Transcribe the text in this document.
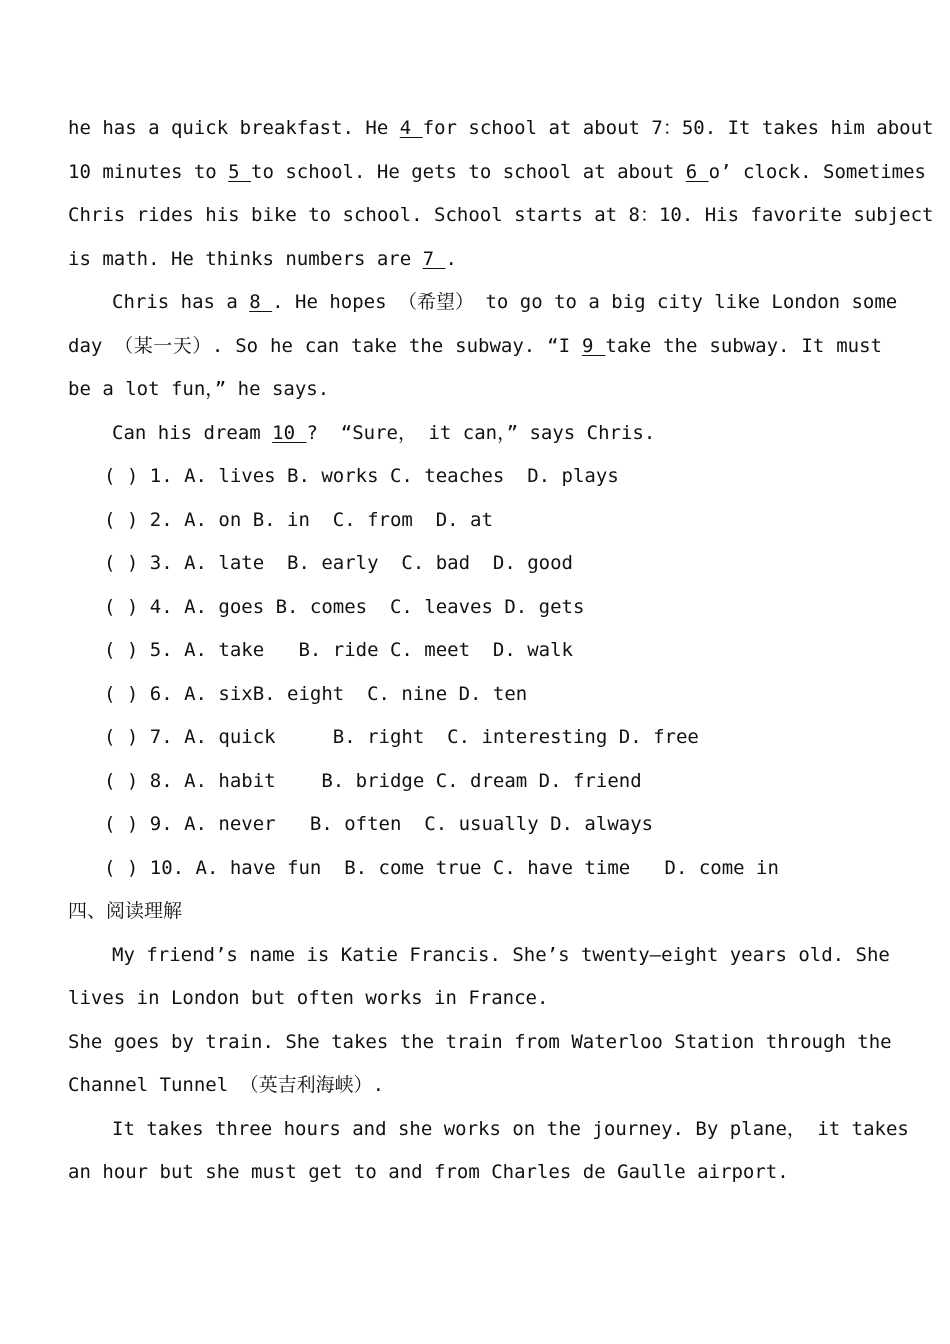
he has a quick breakfast. He 4 for school at about 7：50. It takes him about
10 minutes to 5 to school. He gets to school at about 6 o’ clock. Sometimes
Chris rides his bike to school. School starts at 8：10. His favorite subject
is math. He thinks numbers are 7 .
Chris has a 8 . He hopes （希望） to go to a big city like London some
day （某一天）. So he can take the subway. “I 9 take the subway. It must
be a lot fun，” he says.
Can his dream 10 ?  “Sure， it can，” says Chris.
( ) 1. A. lives B. works C. teaches  D. plays
( ) 2. A. on B. in  C. from  D. at
( ) 3. A. late  B. early  C. bad  D. good
( ) 4. A. goes B. comes  C. leaves D. gets
( ) 5. A. take   B. ride C. meet  D. walk
( ) 6. A. sixB. eight  C. nine D. ten
( ) 7. A. quick     B. right  C. interesting D. free
( ) 8. A. habit    B. bridge C. dream D. friend
( ) 9. A. never   B. often  C. usually D. always
( ) 10. A. have fun  B. come true C. have time   D. come in
四、阅读理解
My friend’s name is Katie Francis. She’s twenty—eight years old. She
lives in London but often works in France.
She goes by train. She takes the train from Waterloo Station through the
Channel Tunnel （英吉利海峡）.
It takes three hours and she works on the journey. By plane， it takes
an hour but she must get to and from Charles de Gaulle airport.
